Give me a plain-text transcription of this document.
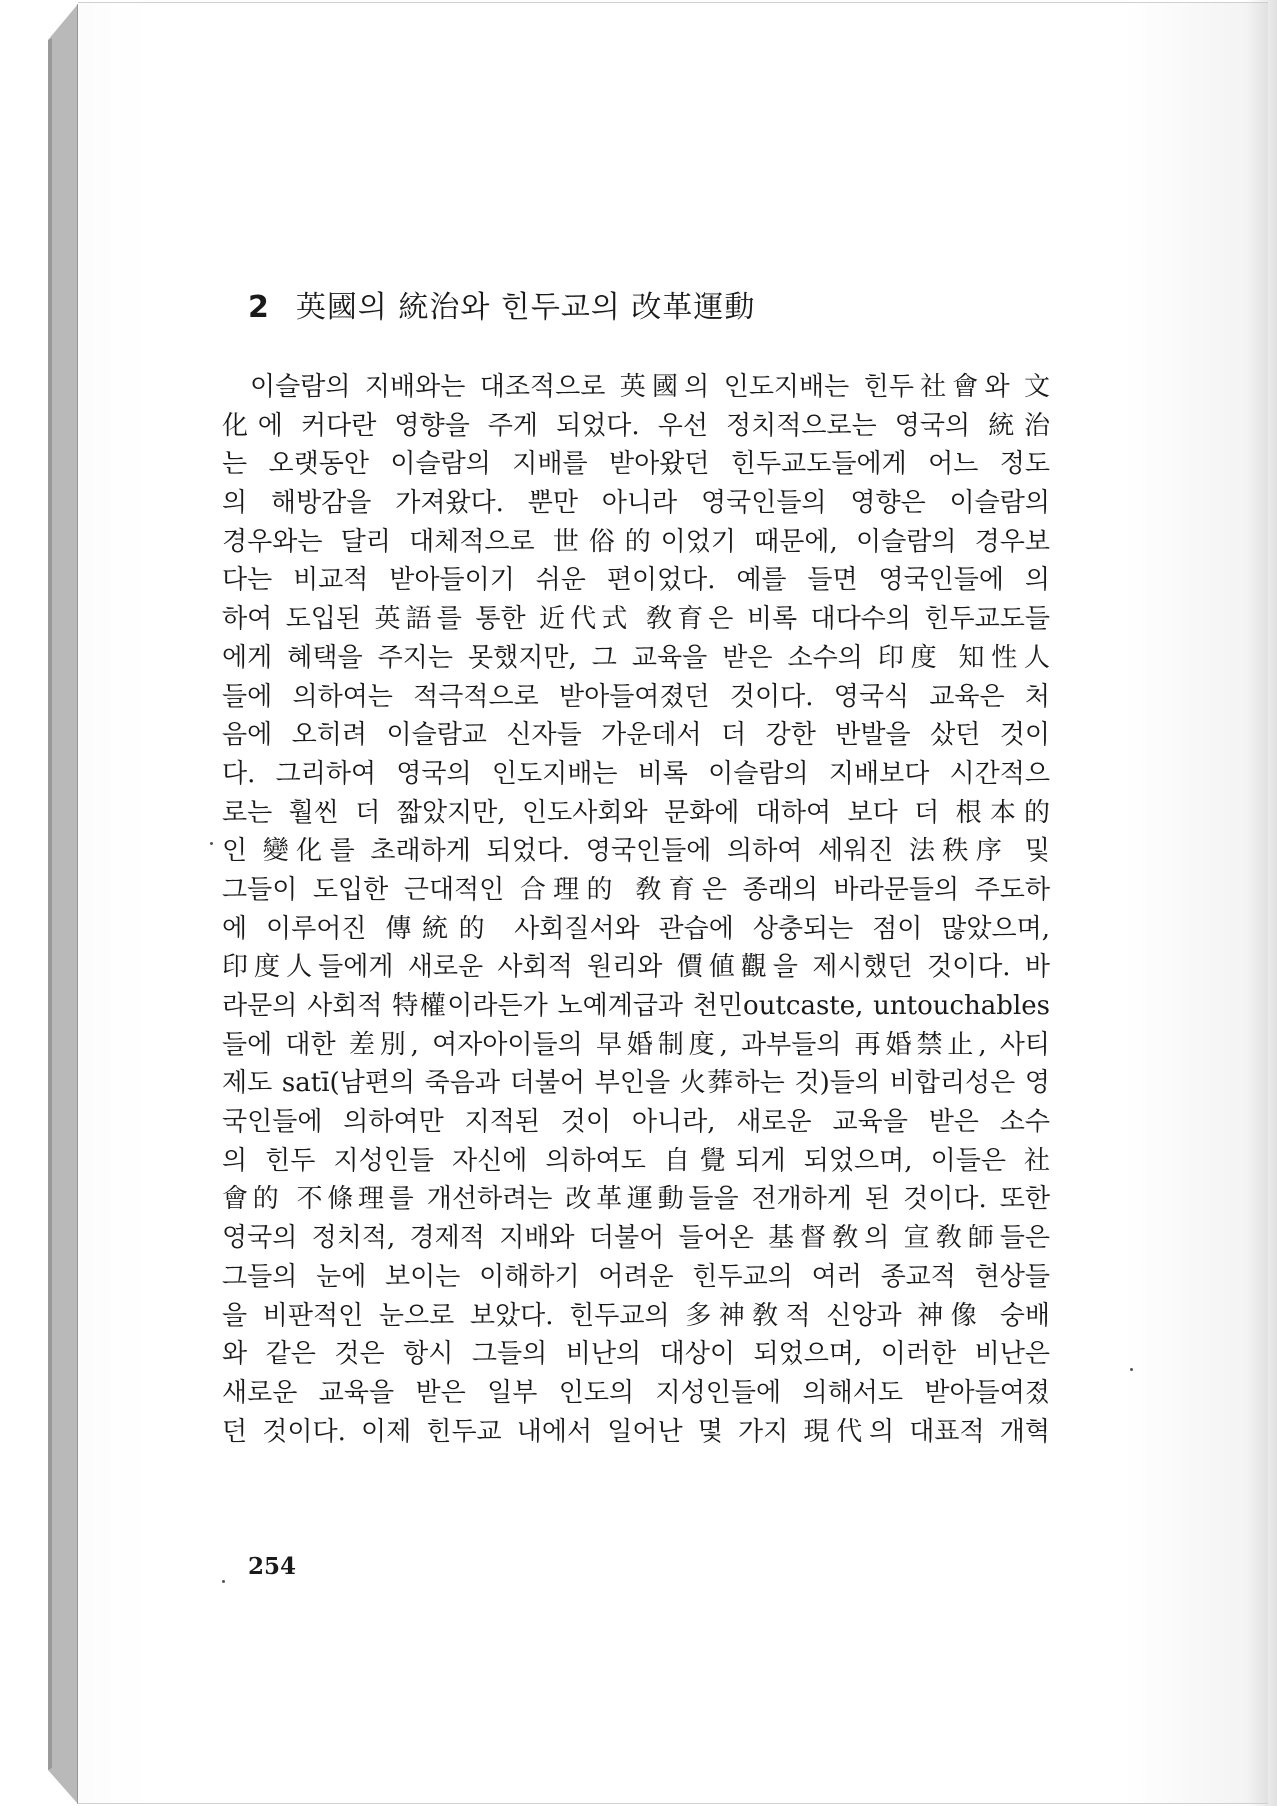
2 英國의 統治와 힌두교의 改革運動
이슬람의 지배와는 대조적으로 英國의 인도지배는 힌두社會와 文
化에 커다란 영향을 주게 되었다. 우선 정치적으로는 영국의 統治
는 오랫동안 이슬람의 지배를 받아왔던 힌두교도들에게 어느 정도
의 해방감을 가져왔다. 뿐만 아니라 영국인들의 영향은 이슬람의
경우와는 달리 대체적으로 世俗的이었기 때문에, 이슬람의 경우보
다는 비교적 받아들이기 쉬운 편이었다. 예를 들면 영국인들에 의
하여 도입된 英語를 통한 近代式 敎育은 비록 대다수의 힌두교도들
에게 혜택을 주지는 못했지만, 그 교육을 받은 소수의 印度 知性人
들에 의하여는 적극적으로 받아들여졌던 것이다. 영국식 교육은 처
음에 오히려 이슬람교 신자들 가운데서 더 강한 반발을 샀던 것이
다. 그리하여 영국의 인도지배는 비록 이슬람의 지배보다 시간적으
로는 훨씬 더 짧았지만, 인도사회와 문화에 대하여 보다 더 根本的
인 變化를 초래하게 되었다. 영국인들에 의하여 세워진 法秩序 및
그들이 도입한 근대적인 合理的 敎育은 종래의 바라문들의 주도하
에 이루어진 傳統的 사회질서와 관습에 상충되는 점이 많았으며,
印度人들에게 새로운 사회적 원리와 價値觀을 제시했던 것이다. 바
라문의 사회적 特權이라든가 노예계급과 천민outcaste, untouchables
들에 대한 差別, 여자아이들의 早婚制度, 과부들의 再婚禁止, 사티
제도 satī(남편의 죽음과 더불어 부인을 火葬하는 것)들의 비합리성은 영
국인들에 의하여만 지적된 것이 아니라, 새로운 교육을 받은 소수
의 힌두 지성인들 자신에 의하여도 自覺되게 되었으며, 이들은 社
會的 不條理를 개선하려는 改革運動들을 전개하게 된 것이다. 또한
영국의 정치적, 경제적 지배와 더불어 들어온 基督敎의 宣敎師들은
그들의 눈에 보이는 이해하기 어려운 힌두교의 여러 종교적 현상들
을 비판적인 눈으로 보았다. 힌두교의 多神敎적 신앙과 神像 숭배
와 같은 것은 항시 그들의 비난의 대상이 되었으며, 이러한 비난은
새로운 교육을 받은 일부 인도의 지성인들에 의해서도 받아들여졌
던 것이다. 이제 힌두교 내에서 일어난 몇 가지 現代의 대표적 개혁
254
